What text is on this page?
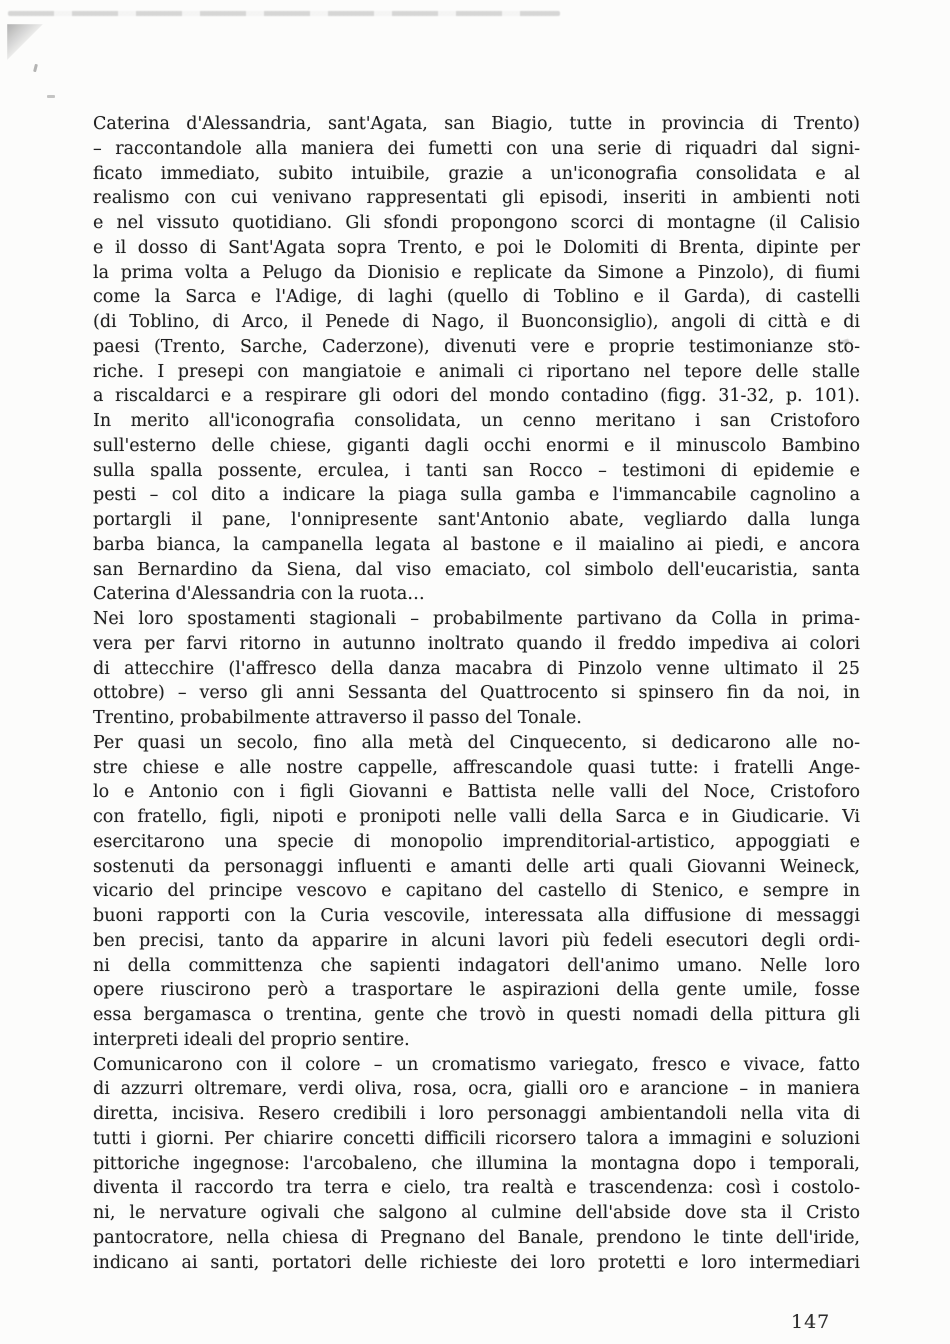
Caterina d'Alessandria, sant'Agata, san Biagio, tutte in provincia di Trento)
– raccontandole alla maniera dei fumetti con una serie di riquadri dal signi-
ficato immediato, subito intuibile, grazie a un'iconografia consolidata e al
realismo con cui venivano rappresentati gli episodi, inseriti in ambienti noti
e nel vissuto quotidiano. Gli sfondi propongono scorci di montagne (il Calisio
e il dosso di Sant'Agata sopra Trento, e poi le Dolomiti di Brenta, dipinte per
la prima volta a Pelugo da Dionisio e replicate da Simone a Pinzolo), di fiumi
come la Sarca e l'Adige, di laghi (quello di Toblino e il Garda), di castelli
(di Toblino, di Arco, il Penede di Nago, il Buonconsiglio), angoli di città e di
paesi (Trento, Sarche, Caderzone), divenuti vere e proprie testimonianze sto-
riche. I presepi con mangiatoie e animali ci riportano nel tepore delle stalle
a riscaldarci e a respirare gli odori del mondo contadino (figg. 31-32, p. 101).
In merito all'iconografia consolidata, un cenno meritano i san Cristoforo
sull'esterno delle chiese, giganti dagli occhi enormi e il minuscolo Bambino
sulla spalla possente, erculea, i tanti san Rocco – testimoni di epidemie e
pesti – col dito a indicare la piaga sulla gamba e l'immancabile cagnolino a
portargli il pane, l'onnipresente sant'Antonio abate, vegliardo dalla lunga
barba bianca, la campanella legata al bastone e il maialino ai piedi, e ancora
san Bernardino da Siena, dal viso emaciato, col simbolo dell'eucaristia, santa
Caterina d'Alessandria con la ruota…
Nei loro spostamenti stagionali – probabilmente partivano da Colla in prima-
vera per farvi ritorno in autunno inoltrato quando il freddo impediva ai colori
di attecchire (l'affresco della danza macabra di Pinzolo venne ultimato il 25
ottobre) – verso gli anni Sessanta del Quattrocento si spinsero fin da noi, in
Trentino, probabilmente attraverso il passo del Tonale.
Per quasi un secolo, fino alla metà del Cinquecento, si dedicarono alle no-
stre chiese e alle nostre cappelle, affrescandole quasi tutte: i fratelli Ange-
lo e Antonio con i figli Giovanni e Battista nelle valli del Noce, Cristoforo
con fratello, figli, nipoti e pronipoti nelle valli della Sarca e in Giudicarie. Vi
esercitarono una specie di monopolio imprenditorial-artistico, appoggiati e
sostenuti da personaggi influenti e amanti delle arti quali Giovanni Weineck,
vicario del principe vescovo e capitano del castello di Stenico, e sempre in
buoni rapporti con la Curia vescovile, interessata alla diffusione di messaggi
ben precisi, tanto da apparire in alcuni lavori più fedeli esecutori degli ordi-
ni della committenza che sapienti indagatori dell'animo umano. Nelle loro
opere riuscirono però a trasportare le aspirazioni della gente umile, fosse
essa bergamasca o trentina, gente che trovò in questi nomadi della pittura gli
interpreti ideali del proprio sentire.
Comunicarono con il colore – un cromatismo variegato, fresco e vivace, fatto
di azzurri oltremare, verdi oliva, rosa, ocra, gialli oro e arancione – in maniera
diretta, incisiva. Resero credibili i loro personaggi ambientandoli nella vita di
tutti i giorni. Per chiarire concetti difficili ricorsero talora a immagini e soluzioni
pittoriche ingegnose: l'arcobaleno, che illumina la montagna dopo i temporali,
diventa il raccordo tra terra e cielo, tra realtà e trascendenza: così i costolo-
ni, le nervature ogivali che salgono al culmine dell'abside dove sta il Cristo
pantocratore, nella chiesa di Pregnano del Banale, prendono le tinte dell'iride,
indicano ai santi, portatori delle richieste dei loro protetti e loro intermediari
147
